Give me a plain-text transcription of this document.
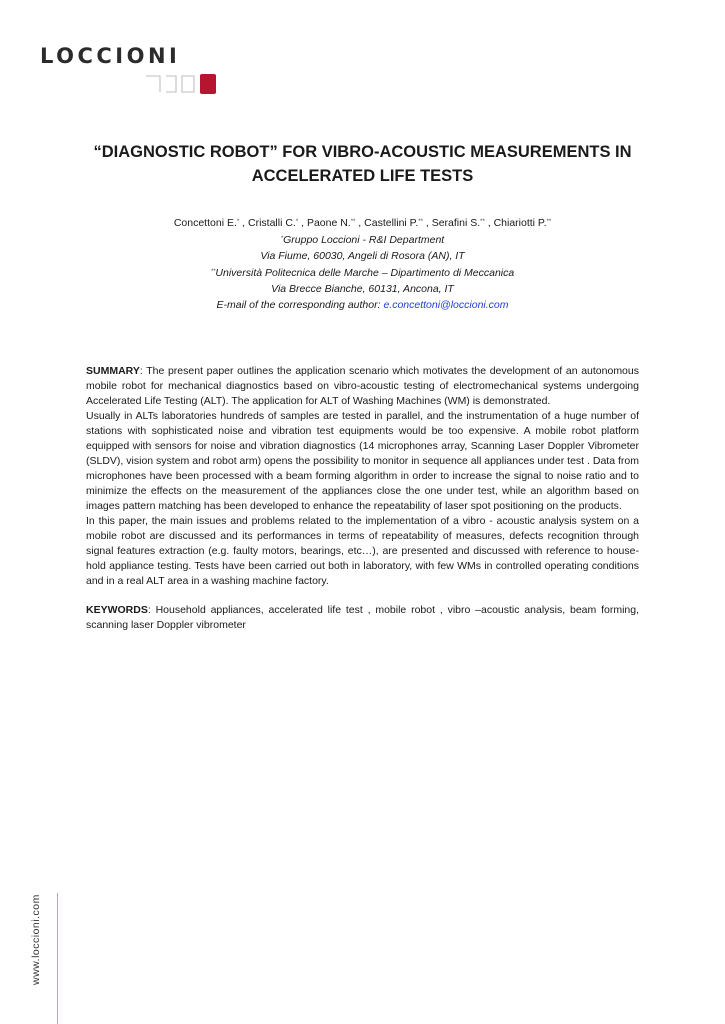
LOCCIONI
“DIAGNOSTIC ROBOT” FOR VIBRO-ACOUSTIC MEASUREMENTS IN
ACCELERATED LIFE TESTS
Concettoni E.* , Cristalli C.* , Paone N.** , Castellini P.** , Serafini S.** , Chiariotti P.**
*Gruppo Loccioni - R&I Department
Via Fiume, 60030, Angeli di Rosora (AN), IT
**Università Politecnica delle Marche – Dipartimento di Meccanica
Via Brecce Bianche, 60131, Ancona, IT
E-mail of the corresponding author: e.concettoni@loccioni.com

SUMMARY: The present paper outlines the application scenario which motivates the development of an autonomous mobile robot for mechanical diagnostics based on vibro-acoustic testing of electromechanical systems undergoing Accelerated Life Testing (ALT). The application for ALT of Washing Machines (WM) is demonstrated.

Usually in ALTs laboratories hundreds of samples are tested in parallel, and the instrumentation of a huge number of stations with sophisticated noise and vibration test equipments would be too expensive. A mobile robot platform equipped with sensors for noise and vibration diagnostics (14 microphones array, Scanning Laser Doppler Vibrometer (SLDV), vision system and robot arm) opens the possibility to monitor in sequence all appliances under test . Data from microphones have been processed with a beam forming algorithm in order to increase the signal to noise ratio and to minimize the effects on the measurement of the appliances close the one under test, while an algorithm based on images pattern matching has been developed to enhance the repeatability of laser spot positioning on the products.

In this paper, the main issues and problems related to the implementation of a vibro - acoustic analysis system on a mobile robot are discussed and its performances in terms of repeatability of measures, defects recognition through signal features extraction (e.g. faulty motors, bearings, etc…), are presented and discussed with reference to house-hold appliance testing. Tests have been carried out both in laboratory, with few WMs in controlled operating conditions and in a real ALT area in a washing machine factory.

KEYWORDS: Household appliances, accelerated life test , mobile robot , vibro –acoustic analysis, beam forming, scanning laser Doppler vibrometer

www.loccioni.com
